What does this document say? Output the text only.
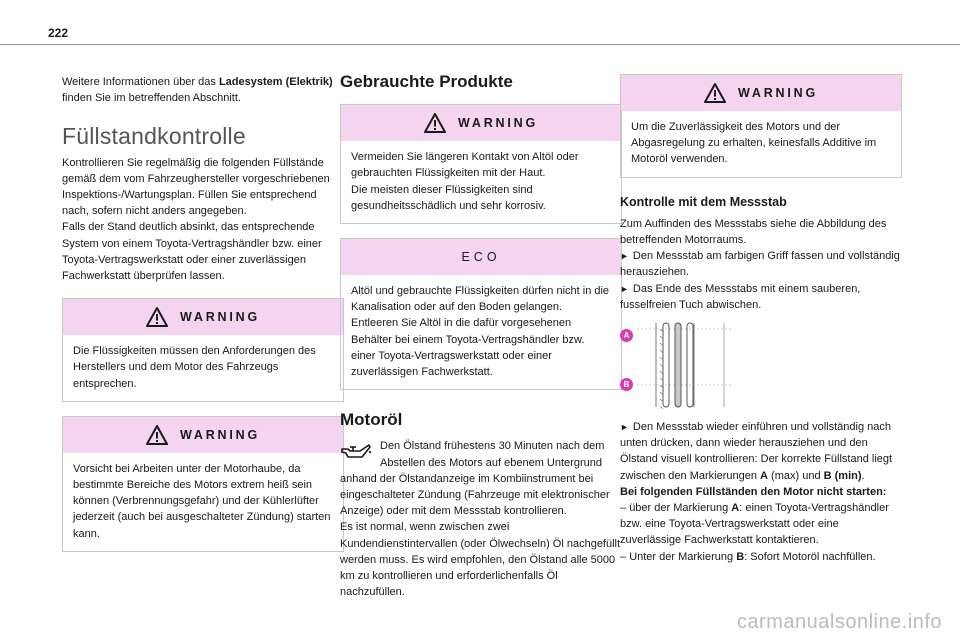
222

Weitere Informationen über das Ladesystem (Elektrik) finden Sie im betreffenden Abschnitt.

Füllstandkontrolle

Kontrollieren Sie regelmäßig die folgenden Füllstände gemäß dem vom Fahrzeughersteller vorgeschriebenen Inspektions-/Wartungsplan. Füllen Sie entsprechend nach, sofern nicht anders angegeben.

Falls der Stand deutlich absinkt, das entsprechende System von einem Toyota-Vertragshändler bzw. einer Toyota-Vertragswerkstatt oder einer zuverlässigen Fachwerkstatt überprüfen lassen.

WARNING
Die Flüssigkeiten müssen den Anforderungen des Herstellers und dem Motor des Fahrzeugs entsprechen.
WARNING
Vorsicht bei Arbeiten unter der Motorhaube, da bestimmte Bereiche des Motors extrem heiß sein können (Verbrennungsgefahr) und der Kühlerlüfter jederzeit (auch bei ausgeschalteter Zündung) starten kann.
Gebrauchte Produkte
WARNING
Vermeiden Sie längeren Kontakt von Altöl oder gebrauchten Flüssigkeiten mit der Haut.
Die meisten dieser Flüssigkeiten sind gesundheitsschädlich und sehr korrosiv.
ECO
Altöl und gebrauchte Flüssigkeiten dürfen nicht in die Kanalisation oder auf den Boden gelangen. Entleeren Sie Altöl in die dafür vorgesehenen Behälter bei einem Toyota-Vertragshändler bzw. einer Toyota-Vertragswerkstatt oder einer zuverlässigen Fachwerkstatt.
Motoröl
Den Ölstand frühestens 30 Minuten nach dem Abstellen des Motors auf ebenem Untergrund anhand der Ölstandanzeige im Kombiinstrument bei eingeschalteter Zündung (Fahrzeuge mit elektronischer Anzeige) oder mit dem Messstab kontrollieren.
Es ist normal, wenn zwischen zwei Kundendienstintervallen (oder Ölwechseln) Öl nachgefüllt werden muss. Es wird empfohlen, den Ölstand alle 5000 km zu kontrollieren und erforderlichenfalls Öl nachzufüllen.
WARNING
Um die Zuverlässigkeit des Motors und der Abgasregelung zu erhalten, keinesfalls Additive im Motoröl verwenden.
Kontrolle mit dem Messstab

Zum Auffinden des Messstabs siehe die Abbildung des betreffenden Motorraums.

► Den Messstab am farbigen Griff fassen und vollständig herausziehen.

► Das Ende des Messstabs mit einem sauberen, fusselfreien Tuch abwischen.

A
B

► Den Messstab wieder einführen und vollständig nach unten drücken, dann wieder herausziehen und den Ölstand visuell kontrollieren: Der korrekte Füllstand liegt zwischen den Markierungen A (max) und B (min).

Bei folgenden Füllständen den Motor nicht starten:

– über der Markierung A: einen Toyota-Vertragshändler bzw. eine Toyota-Vertragswerkstatt oder eine zuverlässige Fachwerkstatt kontaktieren.

– Unter der Markierung B: Sofort Motoröl nachfüllen.

carmanualsonline.info
